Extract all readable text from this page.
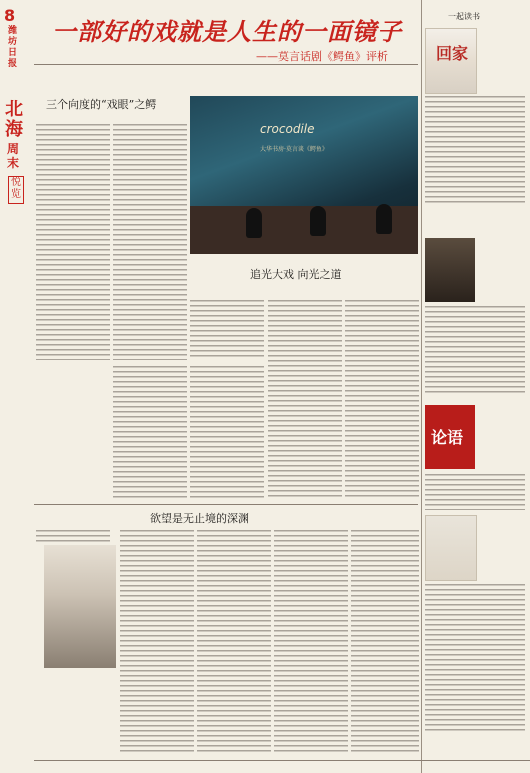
8
潍坊日报
北海
周末
悦览
一部好的戏就是人生的一面镜子
——莫言话剧《鳄鱼》评析
三个向度的“戏眼”之鳄
crocodile
大华书房·莫言谈《鳄鱼》
追光大戏 向光之道
欲望是无止境的深渊
一起读书
回家
论语
